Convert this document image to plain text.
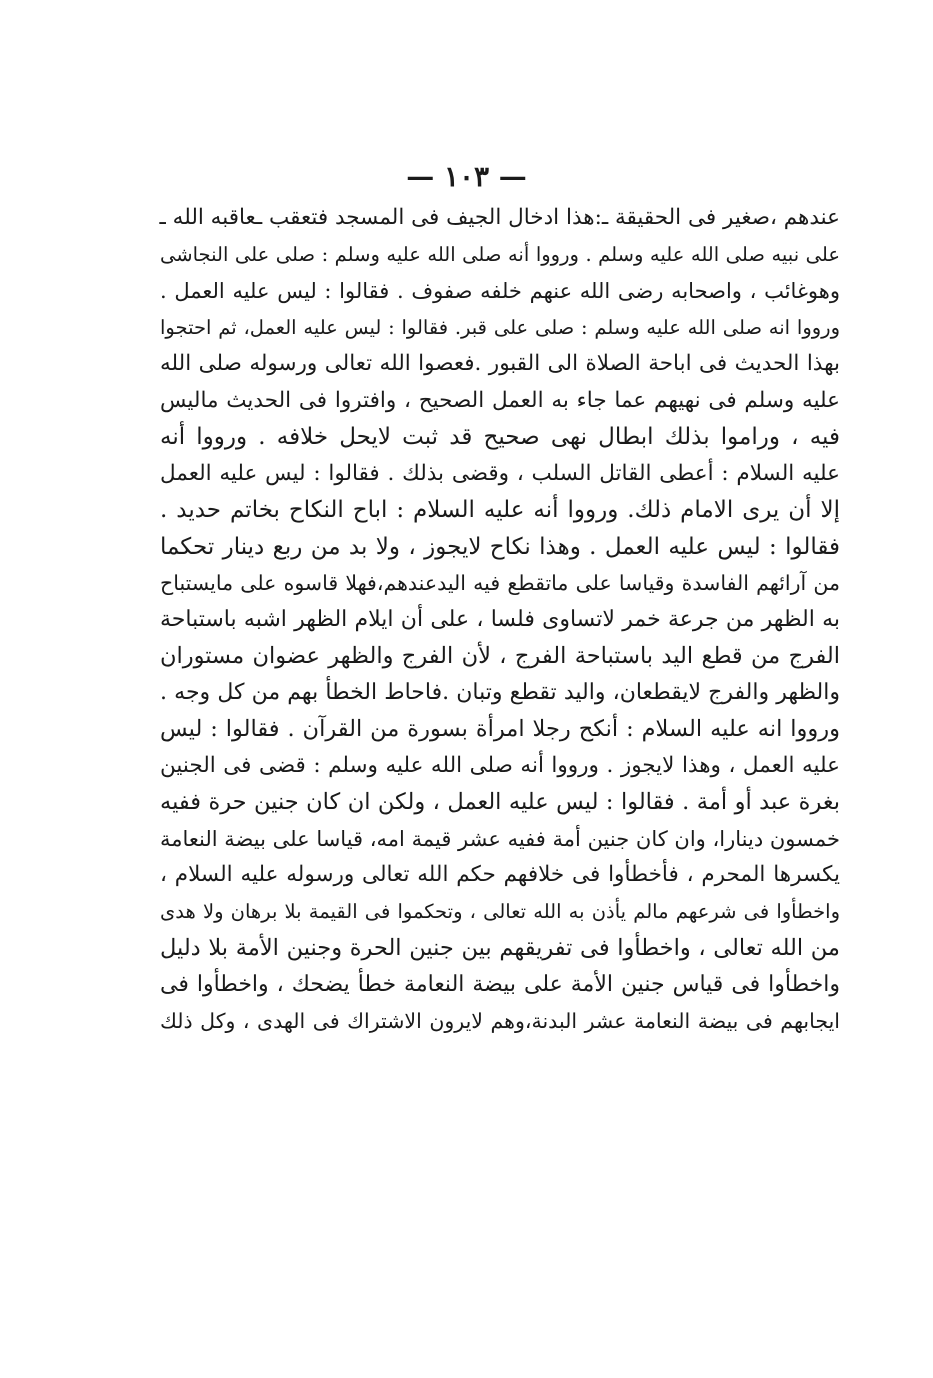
— ١٠٣ —
عندهم ،صغير فى الحقيقة ـ:هذا ادخال الجيف فى المسجد فتعقب ـعاقبه الله ـ
على نبيه صلى الله عليه وسلم . ورووا أنه صلى الله عليه وسلم : صلى على النجاشى
وهوغائب ، واصحابه رضى الله عنهم خلفه صفوف . فقالوا : ليس عليه العمل .
ورووا انه صلى الله عليه وسلم : صلى على قبر. فقالوا : ليس عليه العمل، ثم احتجوا
بهذا الحديث فى اباحة الصلاة الى القبور .فعصوا الله تعالى ورسوله صلى الله
عليه وسلم فى نهيهم عما جاء به العمل الصحيح ، وافتروا فى الحديث ماليس
فيه ، وراموا بذلك ابطال نهى صحيح قد ثبت لايحل خلافه . ورووا أنه
عليه السلام : أعطى القاتل السلب ، وقضى بذلك . فقالوا : ليس عليه العمل
إلا أن يرى الامام ذلك. ورووا أنه عليه السلام : اباح النكاح بخاتم حديد .
فقالوا : ليس عليه العمل . وهذا نكاح لايجوز ، ولا بد من ربع دينار تحكما
من آرائهم الفاسدة وقياسا على ماتقطع فيه اليدعندهم،فهلا قاسوه على مايستباح
به الظهر من جرعة خمر لاتساوى فلسا ، على أن ايلام الظهر اشبه باستباحة
الفرج من قطع اليد باستباحة الفرج ، لأن الفرج والظهر عضوان مستوران
والظهر والفرج لايقطعان، واليد تقطع وتبان .فاحاط الخطأ بهم من كل وجه .
ورووا انه عليه السلام : أنكح رجلا امرأة بسورة من القرآن . فقالوا : ليس
عليه العمل ، وهذا لايجوز . ورووا أنه صلى الله عليه وسلم : قضى فى الجنين
بغرة عبد أو أمة . فقالوا : ليس عليه العمل ، ولكن ان كان جنين حرة ففيه
خمسون دينارا، وان كان جنين أمة ففيه عشر قيمة امه، قياسا على بيضة النعامة
يكسرها المحرم ، فأخطأوا فى خلافهم حكم الله تعالى ورسوله عليه السلام ،
واخطأوا فى شرعهم مالم يأذن به الله تعالى ، وتحكموا فى القيمة بلا برهان ولا هدى
من الله تعالى ، واخطأوا فى تفريقهم بين جنين الحرة وجنين الأمة بلا دليل
واخطأوا فى قياس جنين الأمة على بيضة النعامة خطأ يضحك ، واخطأوا فى
ايجابهم فى بيضة النعامة عشر البدنة،وهم لايرون الاشتراك فى الهدى ، وكل ذلك
